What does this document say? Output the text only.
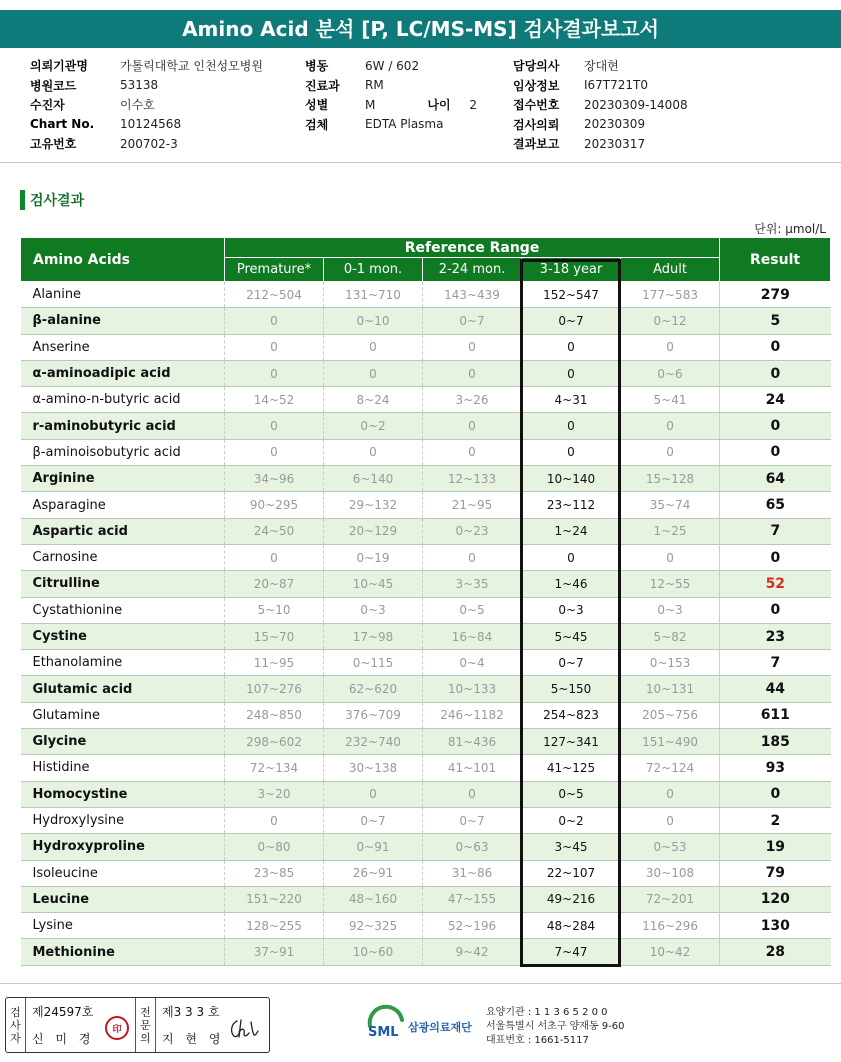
Amino Acid 분석 [P, LC/MS-MS] 검사결과보고서
의뢰기관명	가톨릭대학교 인천성모병원
병원코드	53138
수진자	이수호
Chart No.	10124568
고유번호	200702-3
병동	6W / 602
진료과	RM
성별	M	나이	2
검체	EDTA Plasma
담당의사	장대현
임상정보	I67T721T0
접수번호	20230309-14008
검사의뢰	20230309
결과보고	20230317
검사결과
단위: μmol/L
Amino Acids	Reference Range					Result
	Premature*	0-1 mon.	2-24 mon.	3-18 year	Adult	
Alanine	212~504	131~710	143~439	152~547	177~583	279
β-alanine	0	0~10	0~7	0~7	0~12	5
Anserine	0	0	0	0	0	0
α-aminoadipic acid	0	0	0	0	0~6	0
α-amino-n-butyric acid	14~52	8~24	3~26	4~31	5~41	24
r-aminobutyric acid	0	0~2	0	0	0	0
β-aminoisobutyric acid	0	0	0	0	0	0
Arginine	34~96	6~140	12~133	10~140	15~128	64
Asparagine	90~295	29~132	21~95	23~112	35~74	65
Aspartic acid	24~50	20~129	0~23	1~24	1~25	7
Carnosine	0	0~19	0	0	0	0
Citrulline	20~87	10~45	3~35	1~46	12~55	52
Cystathionine	5~10	0~3	0~5	0~3	0~3	0
Cystine	15~70	17~98	16~84	5~45	5~82	23
Ethanolamine	11~95	0~115	0~4	0~7	0~153	7
Glutamic acid	107~276	62~620	10~133	5~150	10~131	44
Glutamine	248~850	376~709	246~1182	254~823	205~756	611
Glycine	298~602	232~740	81~436	127~341	151~490	185
Histidine	72~134	30~138	41~101	41~125	72~124	93
Homocystine	3~20	0	0	0~5	0	0
Hydroxylysine	0	0~7	0~7	0~2	0	2
Hydroxyproline	0~80	0~91	0~63	3~45	0~53	19
Isoleucine	23~85	26~91	31~86	22~107	30~108	79
Leucine	151~220	48~160	47~155	49~216	72~201	120
Lysine	128~255	92~325	52~196	48~284	116~296	130
Methionine	37~91	10~60	9~42	7~47	10~42	28
검
사
자
제24597호
신 미 경
印
전
문
의
제3 3 3 호
지 현 영	SML 삼광의료재단
요양기관 : 1 1 3 6 5 2 0 0
서울특별시 서초구 양재동 9-60
대표번호 : 1661-5117
